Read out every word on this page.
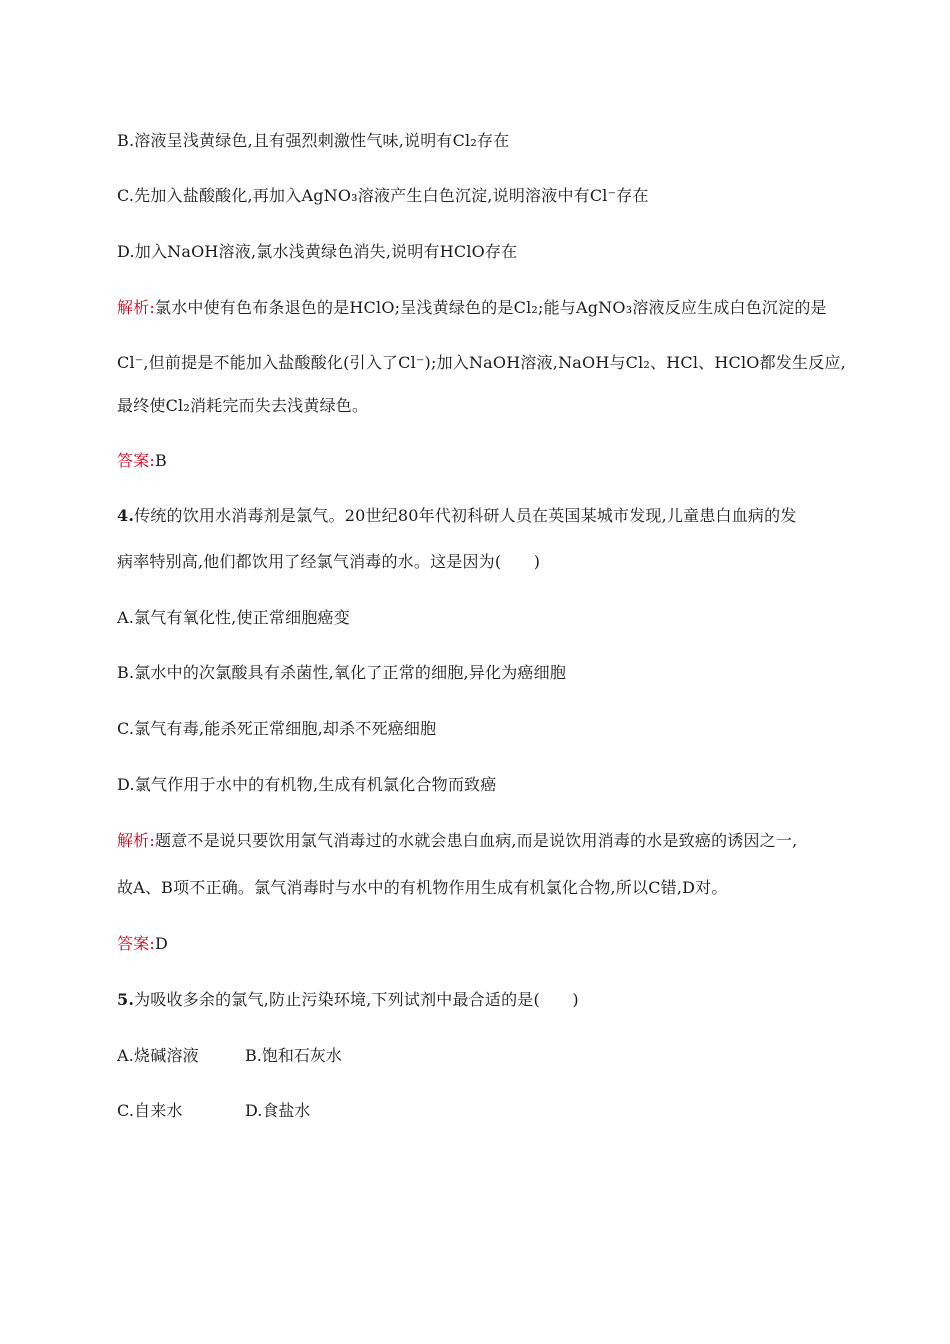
B.溶液呈浅黄绿色,且有强烈刺激性气味,说明有Cl₂存在
C.先加入盐酸酸化,再加入AgNO₃溶液产生白色沉淀,说明溶液中有Cl⁻存在
D.加入NaOH溶液,氯水浅黄绿色消失,说明有HClO存在
解析:氯水中使有色布条退色的是HClO;呈浅黄绿色的是Cl₂;能与AgNO₃溶液反应生成白色沉淀的是
Cl⁻,但前提是不能加入盐酸酸化(引入了Cl⁻);加入NaOH溶液,NaOH与Cl₂、HCl、HClO都发生反应,
最终使Cl₂消耗完而失去浅黄绿色。
答案:B
4.传统的饮用水消毒剂是氯气。20世纪80年代初科研人员在英国某城市发现,儿童患白血病的发
病率特别高,他们都饮用了经氯气消毒的水。这是因为(　　)
A.氯气有氧化性,使正常细胞癌变
B.氯水中的次氯酸具有杀菌性,氧化了正常的细胞,异化为癌细胞
C.氯气有毒,能杀死正常细胞,却杀不死癌细胞
D.氯气作用于水中的有机物,生成有机氯化合物而致癌
解析:题意不是说只要饮用氯气消毒过的水就会患白血病,而是说饮用消毒的水是致癌的诱因之一,
故A、B项不正确。氯气消毒时与水中的有机物作用生成有机氯化合物,所以C错,D对。
答案:D
5.为吸收多余的氯气,防止污染环境,下列试剂中最合适的是(　　)
A.烧碱溶液	B.饱和石灰水
C.自来水	D.食盐水
